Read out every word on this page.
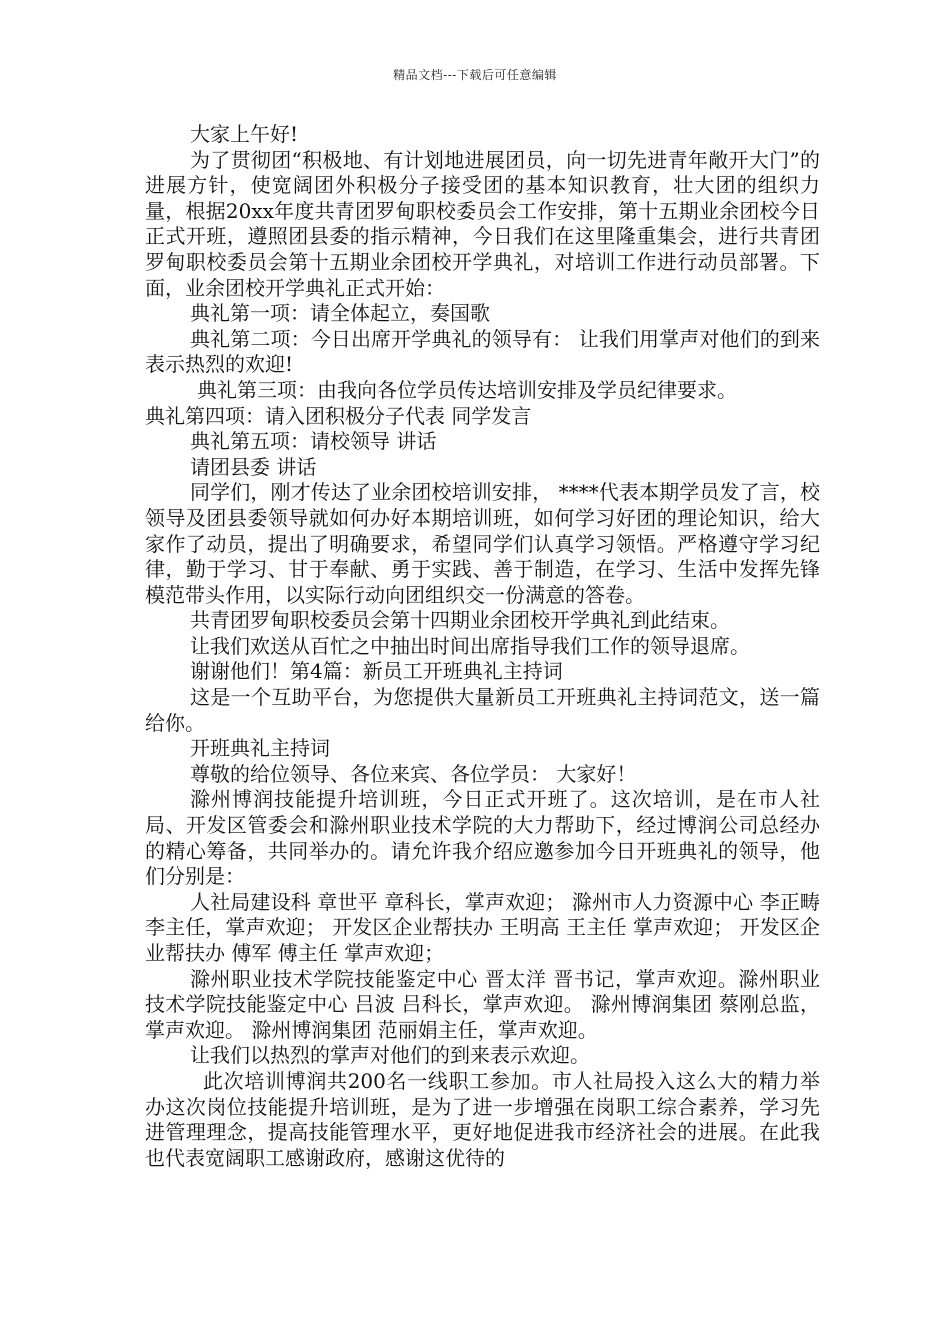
精品文档---下载后可任意编辑

大家上午好!

为了贯彻团“积极地、有计划地进展团员，向一切先进青年敞开大门”的进展方针，使宽阔团外积极分子接受团的基本知识教育，壮大团的组织力量，根据20xx年度共青团罗甸职校委员会工作安排，第十五期业余团校今日正式开班，遵照团县委的指示精神，今日我们在这里隆重集会，进行共青团罗甸职校委员会第十五期业余团校开学典礼，对培训工作进行动员部署。下面，业余团校开学典礼正式开始：

典礼第一项：请全体起立，奏国歌

典礼第二项：今日出席开学典礼的领导有： 让我们用掌声对他们的到来表示热烈的欢迎!

典礼第三项：由我向各位学员传达培训安排及学员纪律要求。

典礼第四项：请入团积极分子代表 同学发言

典礼第五项：请校领导 讲话

请团县委 讲话

同学们，刚才传达了业余团校培训安排， ****代表本期学员发了言，校领导及团县委领导就如何办好本期培训班，如何学习好团的理论知识，给大家作了动员，提出了明确要求，希望同学们认真学习领悟。严格遵守学习纪律，勤于学习、甘于奉献、勇于实践、善于制造，在学习、生活中发挥先锋模范带头作用，以实际行动向团组织交一份满意的答卷。

共青团罗甸职校委员会第十四期业余团校开学典礼到此结束。

让我们欢送从百忙之中抽出时间出席指导我们工作的领导退席。

谢谢他们！第4篇：新员工开班典礼主持词

这是一个互助平台，为您提供大量新员工开班典礼主持词范文，送一篇给你。

开班典礼主持词

尊敬的给位领导、各位来宾、各位学员： 大家好！

滁州博润技能提升培训班，今日正式开班了。这次培训，是在市人社局、开发区管委会和滁州职业技术学院的大力帮助下，经过博润公司总经办的精心筹备，共同举办的。请允许我介绍应邀参加今日开班典礼的领导，他们分别是：

人社局建设科 章世平 章科长，掌声欢迎； 滁州市人力资源中心 李正畴 李主任，掌声欢迎； 开发区企业帮扶办 王明高 王主任 掌声欢迎； 开发区企业帮扶办 傅军 傅主任 掌声欢迎；

滁州职业技术学院技能鉴定中心 晋太洋 晋书记，掌声欢迎。滁州职业技术学院技能鉴定中心 吕波 吕科长，掌声欢迎。 滁州博润集团 蔡刚总监，掌声欢迎。 滁州博润集团 范丽娟主任，掌声欢迎。

让我们以热烈的掌声对他们的到来表示欢迎。

此次培训博润共200名一线职工参加。市人社局投入这么大的精力举办这次岗位技能提升培训班，是为了进一步增强在岗职工综合素养，学习先进管理理念，提高技能管理水平，更好地促进我市经济社会的进展。在此我也代表宽阔职工感谢政府，感谢这优待的
